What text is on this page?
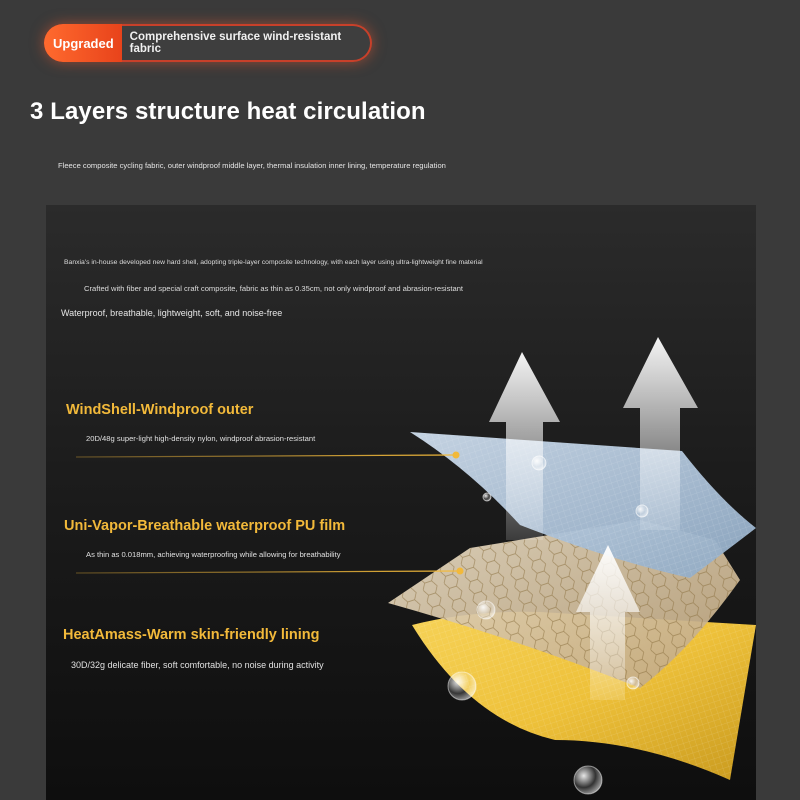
Upgraded	Comprehensive surface wind-resistant fabric
3 Layers structure heat circulation
Fleece composite cycling fabric, outer windproof middle layer, thermal insulation inner lining, temperature regulation
Banxia's in-house developed new hard shell, adopting triple-layer composite technology, with each layer using ultra-lightweight fine material
Crafted with fiber and special craft composite, fabric as thin as 0.35cm, not only windproof and abrasion-resistant
Waterproof, breathable, lightweight, soft, and noise-free
WindShell-Windproof outer
20D/48g super-light high-density nylon, windproof abrasion-resistant
Uni-Vapor-Breathable waterproof PU film
As thin as 0.018mm, achieving waterproofing while allowing for breathability
HeatAmass-Warm skin-friendly lining
30D/32g delicate fiber, soft comfortable, no noise during activity
